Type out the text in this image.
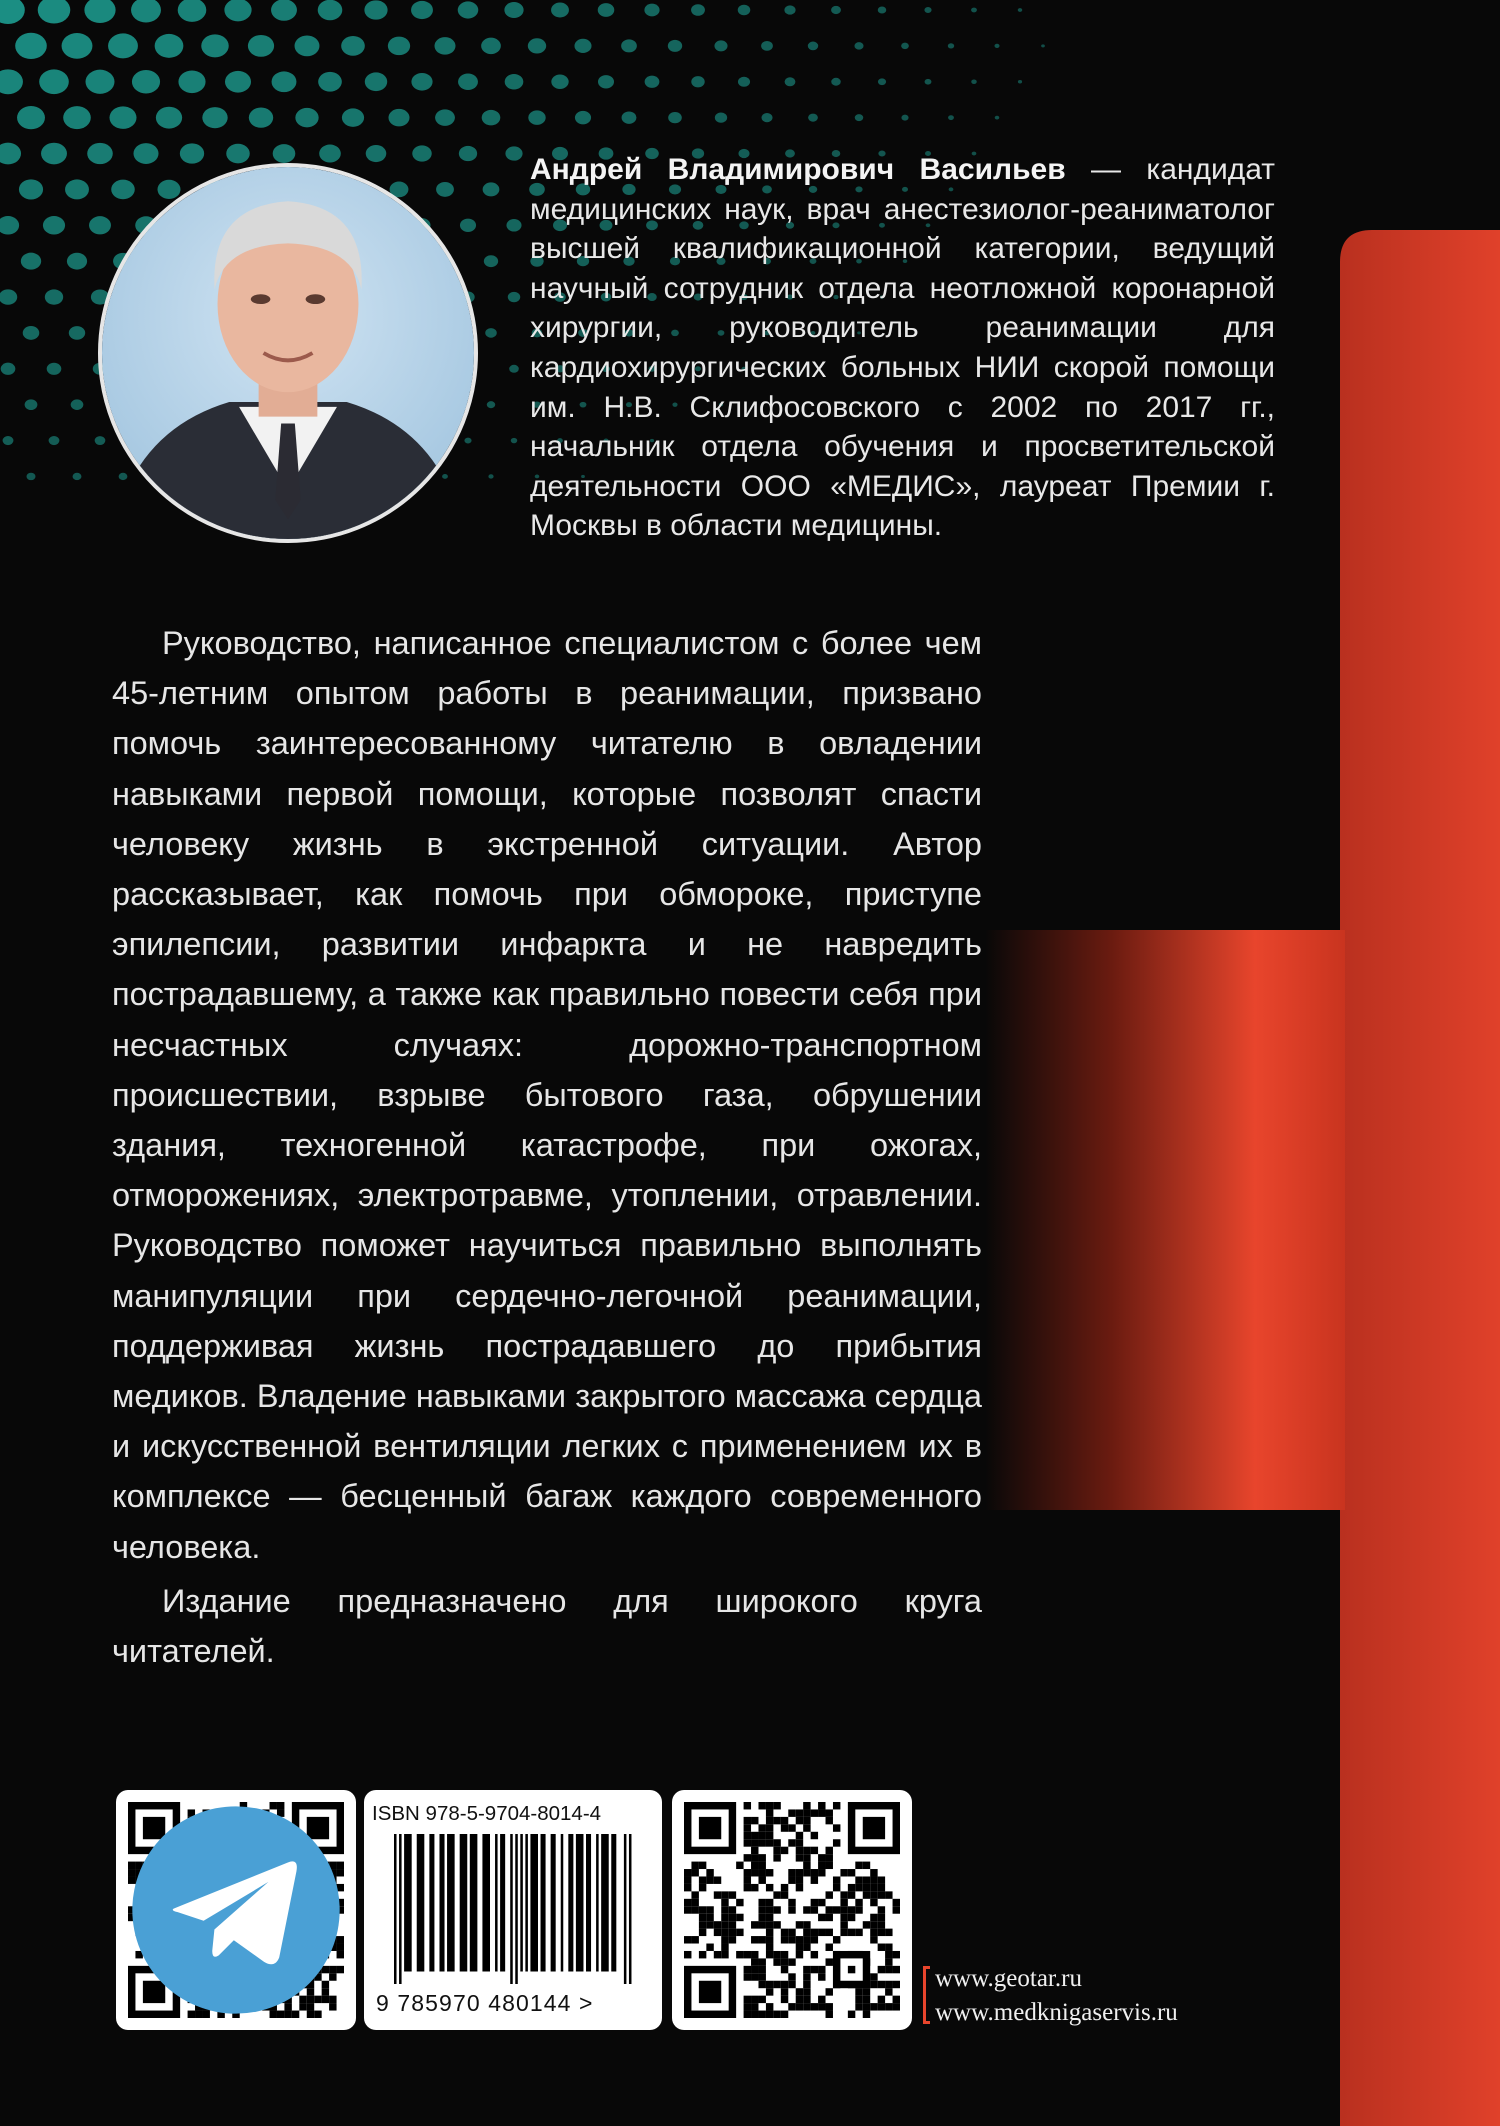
Андрей Владимирович Васильев — кандидат медицинских наук, врач анестезиолог-реаниматолог высшей квалификационной категории, ведущий научный сотрудник отдела неотложной коронарной хирургии, руководитель реанимации для кардиохирургических больных НИИ скорой помощи им. Н.В. Склифосовского с 2002 по 2017 гг., начальник отдела обучения и просветительской деятельности ООО «МЕДИС», лауреат Премии г. Москвы в области медицины.

Руководство, написанное специалистом с более чем 45-летним опытом работы в реанимации, призвано помочь заинтересованному читателю в овладении навыками первой помощи, которые позволят спасти человеку жизнь в экстренной ситуации. Автор рассказывает, как помочь при обмороке, приступе эпилепсии, развитии инфаркта и не навредить пострадавшему, а также как правильно повести себя при несчастных случаях: дорожно-транспортном происшествии, взрыве бытового газа, обрушении здания, техногенной катастрофе, при ожогах, отморожениях, электротравме, утоплении, отравлении. Руководство поможет научиться правильно выполнять манипуляции при сердечно-легочной реанимации, поддерживая жизнь пострадавшего до прибытия медиков. Владение навыками закрытого массажа сердца и искусственной вентиляции легких с применением их в комплексе — бесценный багаж каждого современного человека.

Издание предназначено для широкого круга читателей.

ISBN 978-5-9704-8014-4
9 785970 480144 >
www.geotar.ru
www.medknigaservis.ru
